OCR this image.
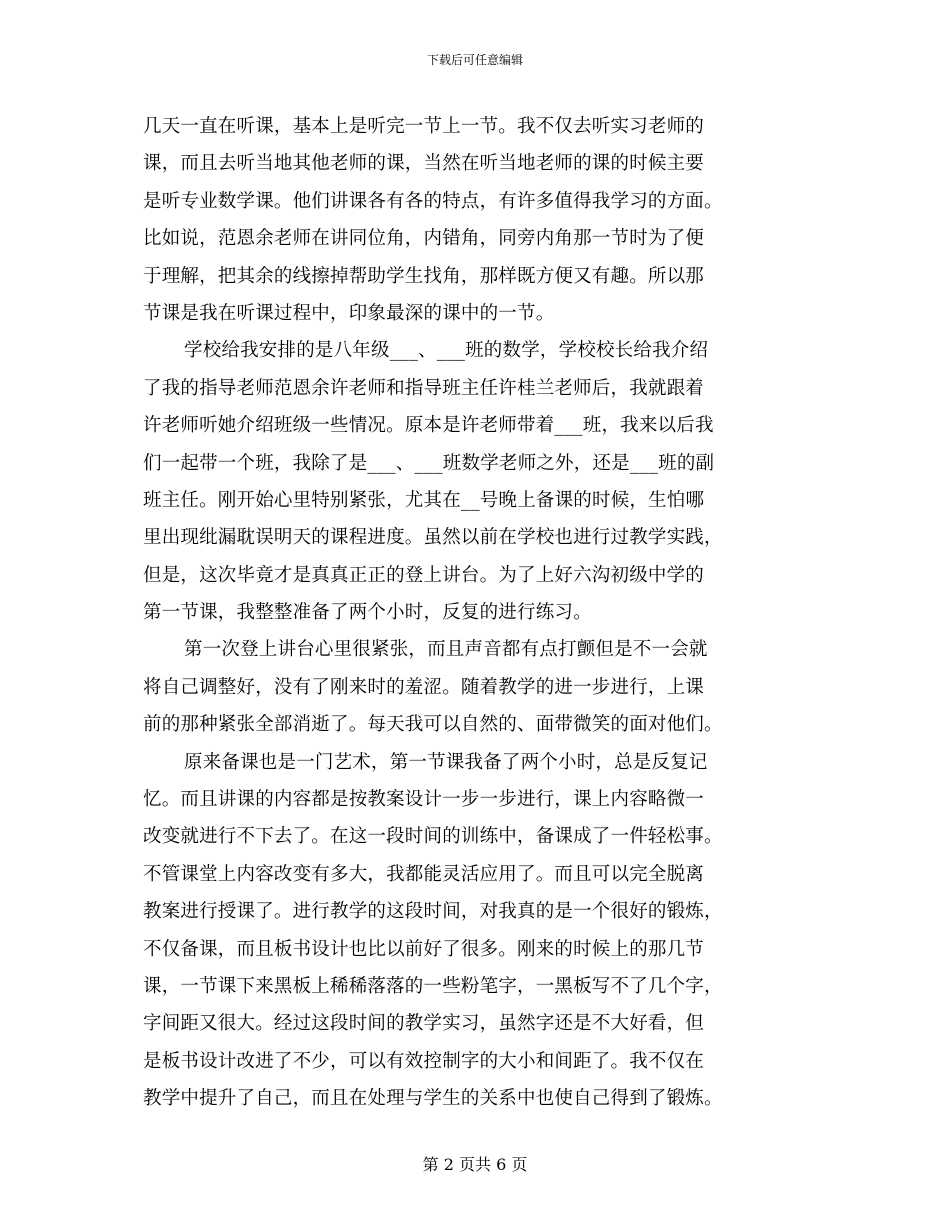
下载后可任意编辑
几天一直在听课，基本上是听完一节上一节。我不仅去听实习老师的
课，而且去听当地其他老师的课，当然在听当地老师的课的时候主要
是听专业数学课。他们讲课各有各的特点，有许多值得我学习的方面。
比如说，范恩余老师在讲同位角，内错角，同旁内角那一节时为了便
于理解，把其余的线擦掉帮助学生找角，那样既方便又有趣。所以那
节课是我在听课过程中，印象最深的课中的一节。
学校给我安排的是八年级___、___班的数学，学校校长给我介绍
了我的指导老师范恩余许老师和指导班主任许桂兰老师后，我就跟着
许老师听她介绍班级一些情况。原本是许老师带着___班，我来以后我
们一起带一个班，我除了是___、___班数学老师之外，还是___班的副
班主任。刚开始心里特别紧张，尤其在__号晚上备课的时候，生怕哪
里出现纰漏耽误明天的课程进度。虽然以前在学校也进行过教学实践，
但是，这次毕竟才是真真正正的登上讲台。为了上好六沟初级中学的
第一节课，我整整准备了两个小时，反复的进行练习。
第一次登上讲台心里很紧张，而且声音都有点打颤但是不一会就
将自己调整好，没有了刚来时的羞涩。随着教学的进一步进行，上课
前的那种紧张全部消逝了。每天我可以自然的、面带微笑的面对他们。
原来备课也是一门艺术，第一节课我备了两个小时，总是反复记
忆。而且讲课的内容都是按教案设计一步一步进行，课上内容略微一
改变就进行不下去了。在这一段时间的训练中，备课成了一件轻松事。
不管课堂上内容改变有多大，我都能灵活应用了。而且可以完全脱离
教案进行授课了。进行教学的这段时间，对我真的是一个很好的锻炼，
不仅备课，而且板书设计也比以前好了很多。刚来的时候上的那几节
课，一节课下来黑板上稀稀落落的一些粉笔字，一黑板写不了几个字，
字间距又很大。经过这段时间的教学实习，虽然字还是不大好看，但
是板书设计改进了不少，可以有效控制字的大小和间距了。我不仅在
教学中提升了自己，而且在处理与学生的关系中也使自己得到了锻炼。
第 2 页共 6 页
